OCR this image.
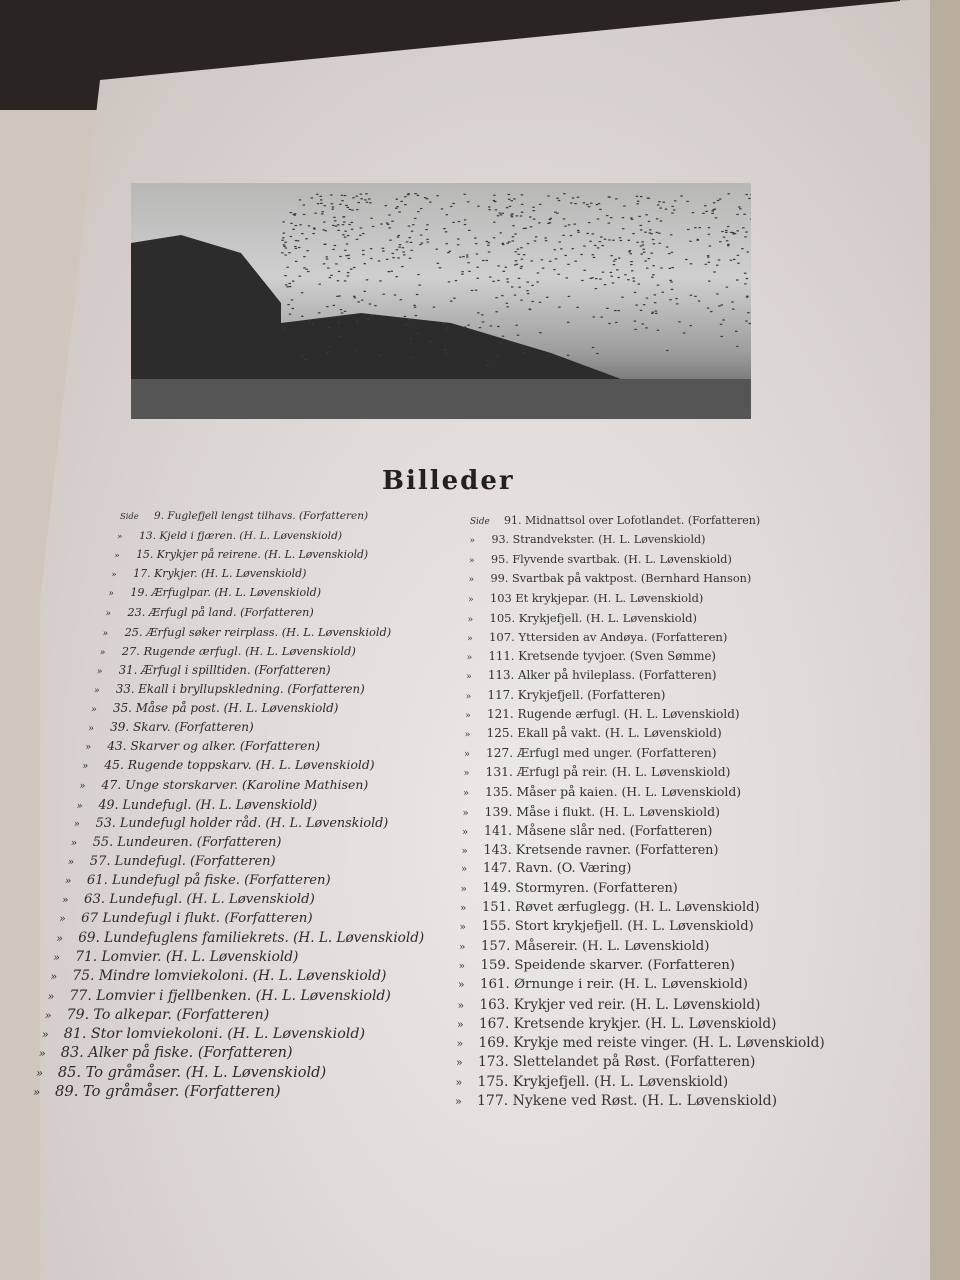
Billeder
Side 9. Fuglefjell lengst tilhavs. (Forfatteren)
» 13. Kjeld i fjæren. (H. L. Løvenskiold)
» 15. Krykjer på reirene. (H. L. Løvenskiold)
» 17. Krykjer. (H. L. Løvenskiold)
» 19. Ærfuglpar. (H. L. Løvenskiold)
» 23. Ærfugl på land. (Forfatteren)
» 25. Ærfugl søker reirplass. (H. L. Løvenskiold)
» 27. Rugende ærfugl. (H. L. Løvenskiold)
» 31. Ærfugl i spilltiden. (Forfatteren)
» 33. Ekall i bryllupskledning. (Forfatteren)
» 35. Måse på post. (H. L. Løvenskiold)
» 39. Skarv. (Forfatteren)
» 43. Skarver og alker. (Forfatteren)
» 45. Rugende toppskarv. (H. L. Løvenskiold)
» 47. Unge storskarver. (Karoline Mathisen)
» 49. Lundefugl. (H. L. Løvenskiold)
» 53. Lundefugl holder råd. (H. L. Løvenskiold)
» 55. Lundeuren. (Forfatteren)
» 57. Lundefugl. (Forfatteren)
» 61. Lundefugl på fiske. (Forfatteren)
» 63. Lundefugl. (H. L. Løvenskiold)
» 67 Lundefugl i flukt. (Forfatteren)
» 69. Lundefuglens familiekrets. (H. L. Løvenskiold)
» 71. Lomvier. (H. L. Løvenskiold)
» 75. Mindre lomviekoloni. (H. L. Løvenskiold)
» 77. Lomvier i fjellbenken. (H. L. Løvenskiold)
» 79. To alkepar. (Forfatteren)
» 81. Stor lomviekoloni. (H. L. Løvenskiold)
» 83. Alker på fiske. (Forfatteren)
» 85. To gråmåser. (H. L. Løvenskiold)
» 89. To gråmåser. (Forfatteren)
Side 91. Midnattsol over Lofotlandet. (Forfatteren)
» 93. Strandvekster. (H. L. Løvenskiold)
» 95. Flyvende svartbak. (H. L. Løvenskiold)
» 99. Svartbak på vaktpost. (Bernhard Hanson)
» 103 Et krykjepar. (H. L. Løvenskiold)
» 105. Krykjefjell. (H. L. Løvenskiold)
» 107. Yttersiden av Andøya. (Forfatteren)
» 111. Kretsende tyvjoer. (Sven Sømme)
» 113. Alker på hvileplass. (Forfatteren)
» 117. Krykjefjell. (Forfatteren)
» 121. Rugende ærfugl. (H. L. Løvenskiold)
» 125. Ekall på vakt. (H. L. Løvenskiold)
» 127. Ærfugl med unger. (Forfatteren)
» 131. Ærfugl på reir. (H. L. Løvenskiold)
» 135. Måser på kaien. (H. L. Løvenskiold)
» 139. Måse i flukt. (H. L. Løvenskiold)
» 141. Måsene slår ned. (Forfatteren)
» 143. Kretsende ravner. (Forfatteren)
» 147. Ravn. (O. Væring)
» 149. Stormyren. (Forfatteren)
» 151. Røvet ærfuglegg. (H. L. Løvenskiold)
» 155. Stort krykjefjell. (H. L. Løvenskiold)
» 157. Måsereir. (H. L. Løvenskiold)
» 159. Speidende skarver. (Forfatteren)
» 161. Ørnunge i reir. (H. L. Løvenskiold)
» 163. Krykjer ved reir. (H. L. Løvenskiold)
» 167. Kretsende krykjer. (H. L. Løvenskiold)
» 169. Krykje med reiste vinger. (H. L. Løvenskiold)
» 173. Slettelandet på Røst. (Forfatteren)
» 175. Krykjefjell. (H. L. Løvenskiold)
» 177. Nykene ved Røst. (H. L. Løvenskiold)
